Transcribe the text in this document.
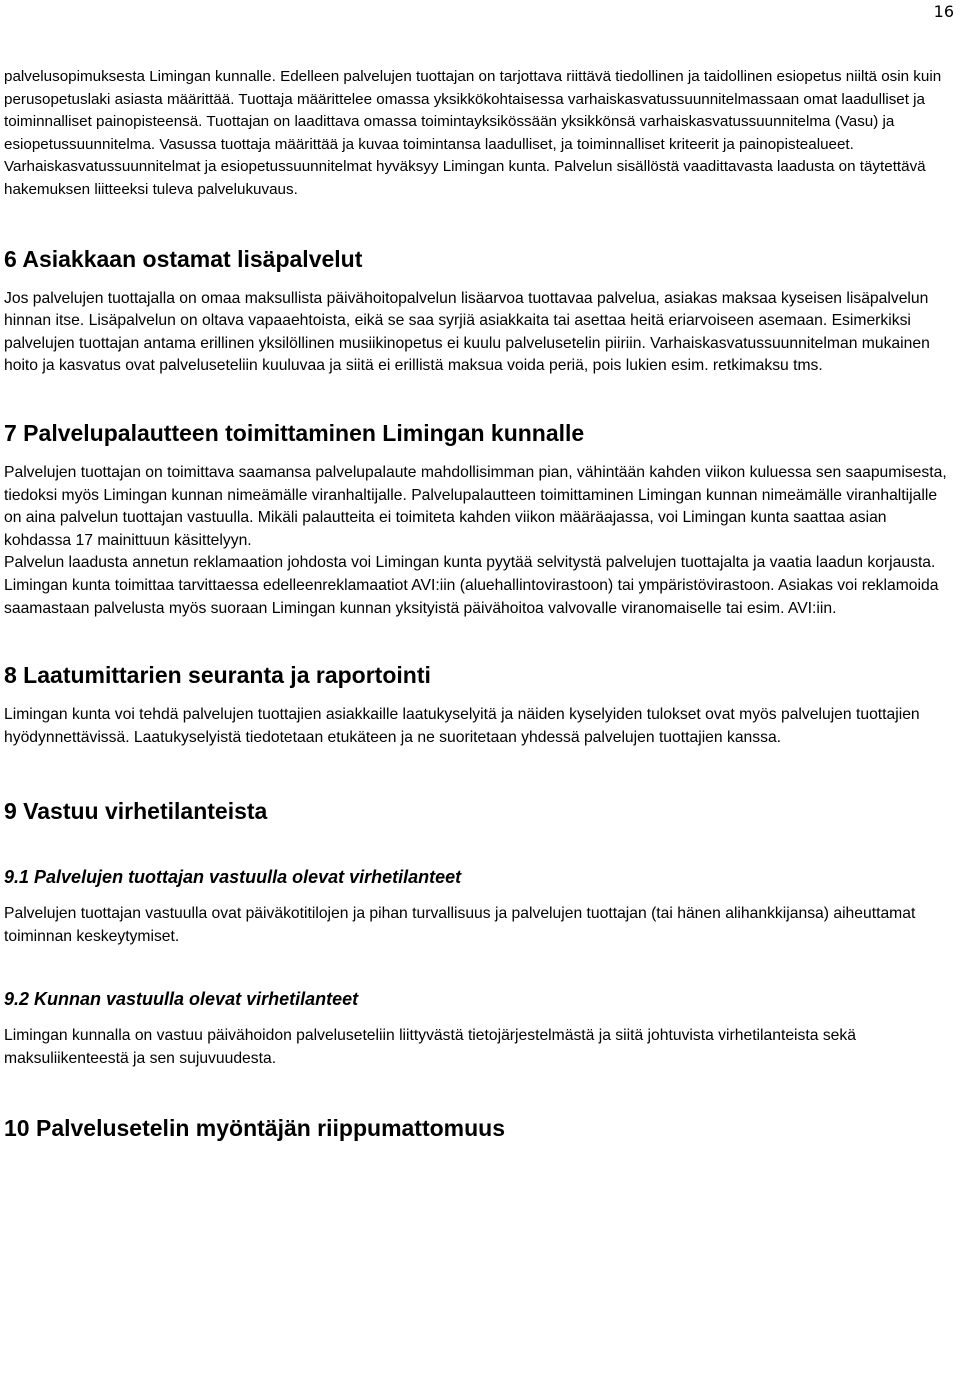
16

palvelusopimuksesta Limingan kunnalle. Edelleen palvelujen tuottajan on tarjottava riittävä tiedollinen ja taidollinen esiopetus niiltä osin kuin perusopetuslaki asiasta määrittää. Tuottaja määrittelee omassa yksikkökohtaisessa varhaiskasvatussuunnitelmassaan omat laadulliset ja toiminnalliset painopisteensä. Tuottajan on laadittava omassa toimintayksikössään yksikkönsä varhaiskasvatussuunnitelma (Vasu) ja esiopetussuunnitelma. Vasussa tuottaja määrittää ja kuvaa toimintansa laadulliset, ja toiminnalliset kriteerit ja painopistealueet. Varhaiskasvatussuunnitelmat ja esiopetussuunnitelmat hyväksyy Limingan kunta. Palvelun sisällöstä vaadittavasta laadusta on täytettävä hakemuksen liitteeksi tuleva palvelukuvaus.

6 Asiakkaan ostamat lisäpalvelut

Jos palvelujen tuottajalla on omaa maksullista päivähoitopalvelun lisäarvoa tuottavaa palvelua, asiakas maksaa kyseisen lisäpalvelun hinnan itse. Lisäpalvelun on oltava vapaaehtoista, eikä se saa syrjiä asiakkaita tai asettaa heitä eriarvoiseen asemaan. Esimerkiksi palvelujen tuottajan antama erillinen yksilöllinen musiikinopetus ei kuulu palvelusetelin piiriin. Varhaiskasvatussuunnitelman mukainen hoito ja kasvatus ovat palveluseteliin kuuluvaa ja siitä ei erillistä maksua voida periä, pois lukien esim. retkimaksu tms.

7 Palvelupalautteen toimittaminen Limingan kunnalle

Palvelujen tuottajan on toimittava saamansa palvelupalaute mahdollisimman pian, vähintään kahden viikon kuluessa sen saapumisesta, tiedoksi myös Limingan kunnan nimeämälle viranhaltijalle. Palvelupalautteen toimittaminen Limingan kunnan nimeämälle viranhaltijalle on aina palvelun tuottajan vastuulla. Mikäli palautteita ei toimiteta kahden viikon määräajassa, voi Limingan kunta saattaa asian kohdassa 17 mainittuun käsittelyyn.

Palvelun laadusta annetun reklamaation johdosta voi Limingan kunta pyytää selvitystä palvelujen tuottajalta ja vaatia laadun korjausta. Limingan kunta toimittaa tarvittaessa edelleenreklamaatiot AVI:iin (aluehallintovirastoon) tai ympäristövirastoon. Asiakas voi reklamoida saamastaan palvelusta myös suoraan Limingan kunnan yksityistä päivähoitoa valvovalle viranomaiselle tai esim. AVI:iin.

8 Laatumittarien seuranta ja raportointi

Limingan kunta voi tehdä palvelujen tuottajien asiakkaille laatukyselyitä ja näiden kyselyiden tulokset ovat myös palvelujen tuottajien hyödynnettävissä. Laatukyselyistä tiedotetaan etukäteen ja ne suoritetaan yhdessä palvelujen tuottajien kanssa.

9 Vastuu virhetilanteista
9.1 Palvelujen tuottajan vastuulla olevat virhetilanteet

Palvelujen tuottajan vastuulla ovat päiväkotitilojen ja pihan turvallisuus ja palvelujen tuottajan (tai hänen alihankkijansa) aiheuttamat toiminnan keskeytymiset.

9.2 Kunnan vastuulla olevat virhetilanteet

Limingan kunnalla on vastuu päivähoidon palveluseteliin liittyvästä tietojärjestelmästä ja siitä johtuvista virhetilanteista sekä maksuliikenteestä ja sen sujuvuudesta.

10 Palvelusetelin myöntäjän riippumattomuus
